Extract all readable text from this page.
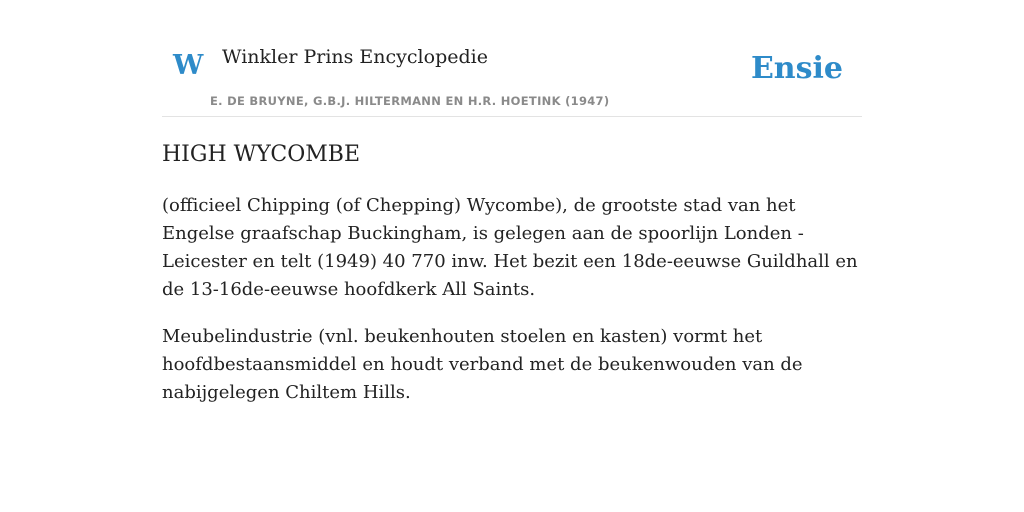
W Winkler Prins Encyclopedie
E. DE BRUYNE, G.B.J. HILTERMANN EN H.R. HOETINK (1947)
Ensie
HIGH WYCOMBE

(officieel Chipping (of Chepping) Wycombe), de grootste stad van het Engelse graafschap Buckingham, is gelegen aan de spoorlijn Londen - Leicester en telt (1949) 40 770 inw. Het bezit een 18de-eeuwse Guildhall en de 13-16de-eeuwse hoofdkerk All Saints.

Meubelindustrie (vnl. beukenhouten stoelen en kasten) vormt het hoofdbestaansmiddel en houdt verband met de beukenwouden van de nabijgelegen Chiltem Hills.
